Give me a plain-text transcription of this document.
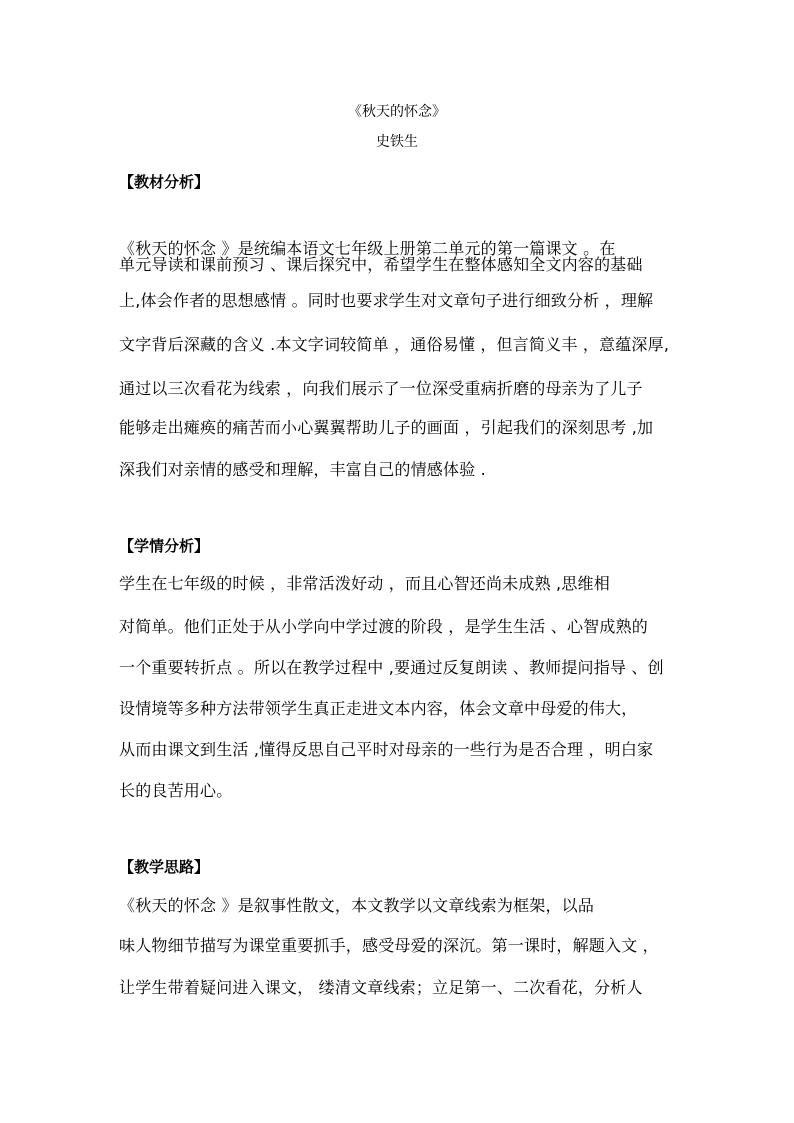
《秋天的怀念》
史铁生
【教材分析】
《秋天的怀念 》是统编本语文七年级上册第二单元的第一篇课文 。在
单元导读和课前预习 、课后探究中，希望学生在整体感知全文内容的基础
上,体会作者的思想感情 。同时也要求学生对文章句子进行细致分析 ，理解
文字背后深藏的含义 .本文字词较简单 ，通俗易懂 ，但言简义丰 ，意蕴深厚,
通过以三次看花为线索 ，向我们展示了一位深受重病折磨的母亲为了儿子
能够走出瘫痪的痛苦而小心翼翼帮助儿子的画面 ，引起我们的深刻思考 ,加
深我们对亲情的感受和理解，丰富自己的情感体验 .
【学情分析】
学生在七年级的时候 ，非常活泼好动 ，而且心智还尚未成熟 ,思维相
对简单。他们正处于从小学向中学过渡的阶段 ，是学生生活 、心智成熟的
一个重要转折点 。所以在教学过程中 ,要通过反复朗读 、教师提问指导 、创
设情境等多种方法带领学生真正走进文本内容，体会文章中母爱的伟大，
从而由课文到生活 ,懂得反思自己平时对母亲的一些行为是否合理 ，明白家
长的良苦用心。
【教学思路】
《秋天的怀念 》是叙事性散文，本文教学以文章线索为框架，以品
味人物细节描写为课堂重要抓手，感受母爱的深沉。第一课时，解题入文 ，
让学生带着疑问进入课文， 缕清文章线索；立足第一、二次看花，分析人
